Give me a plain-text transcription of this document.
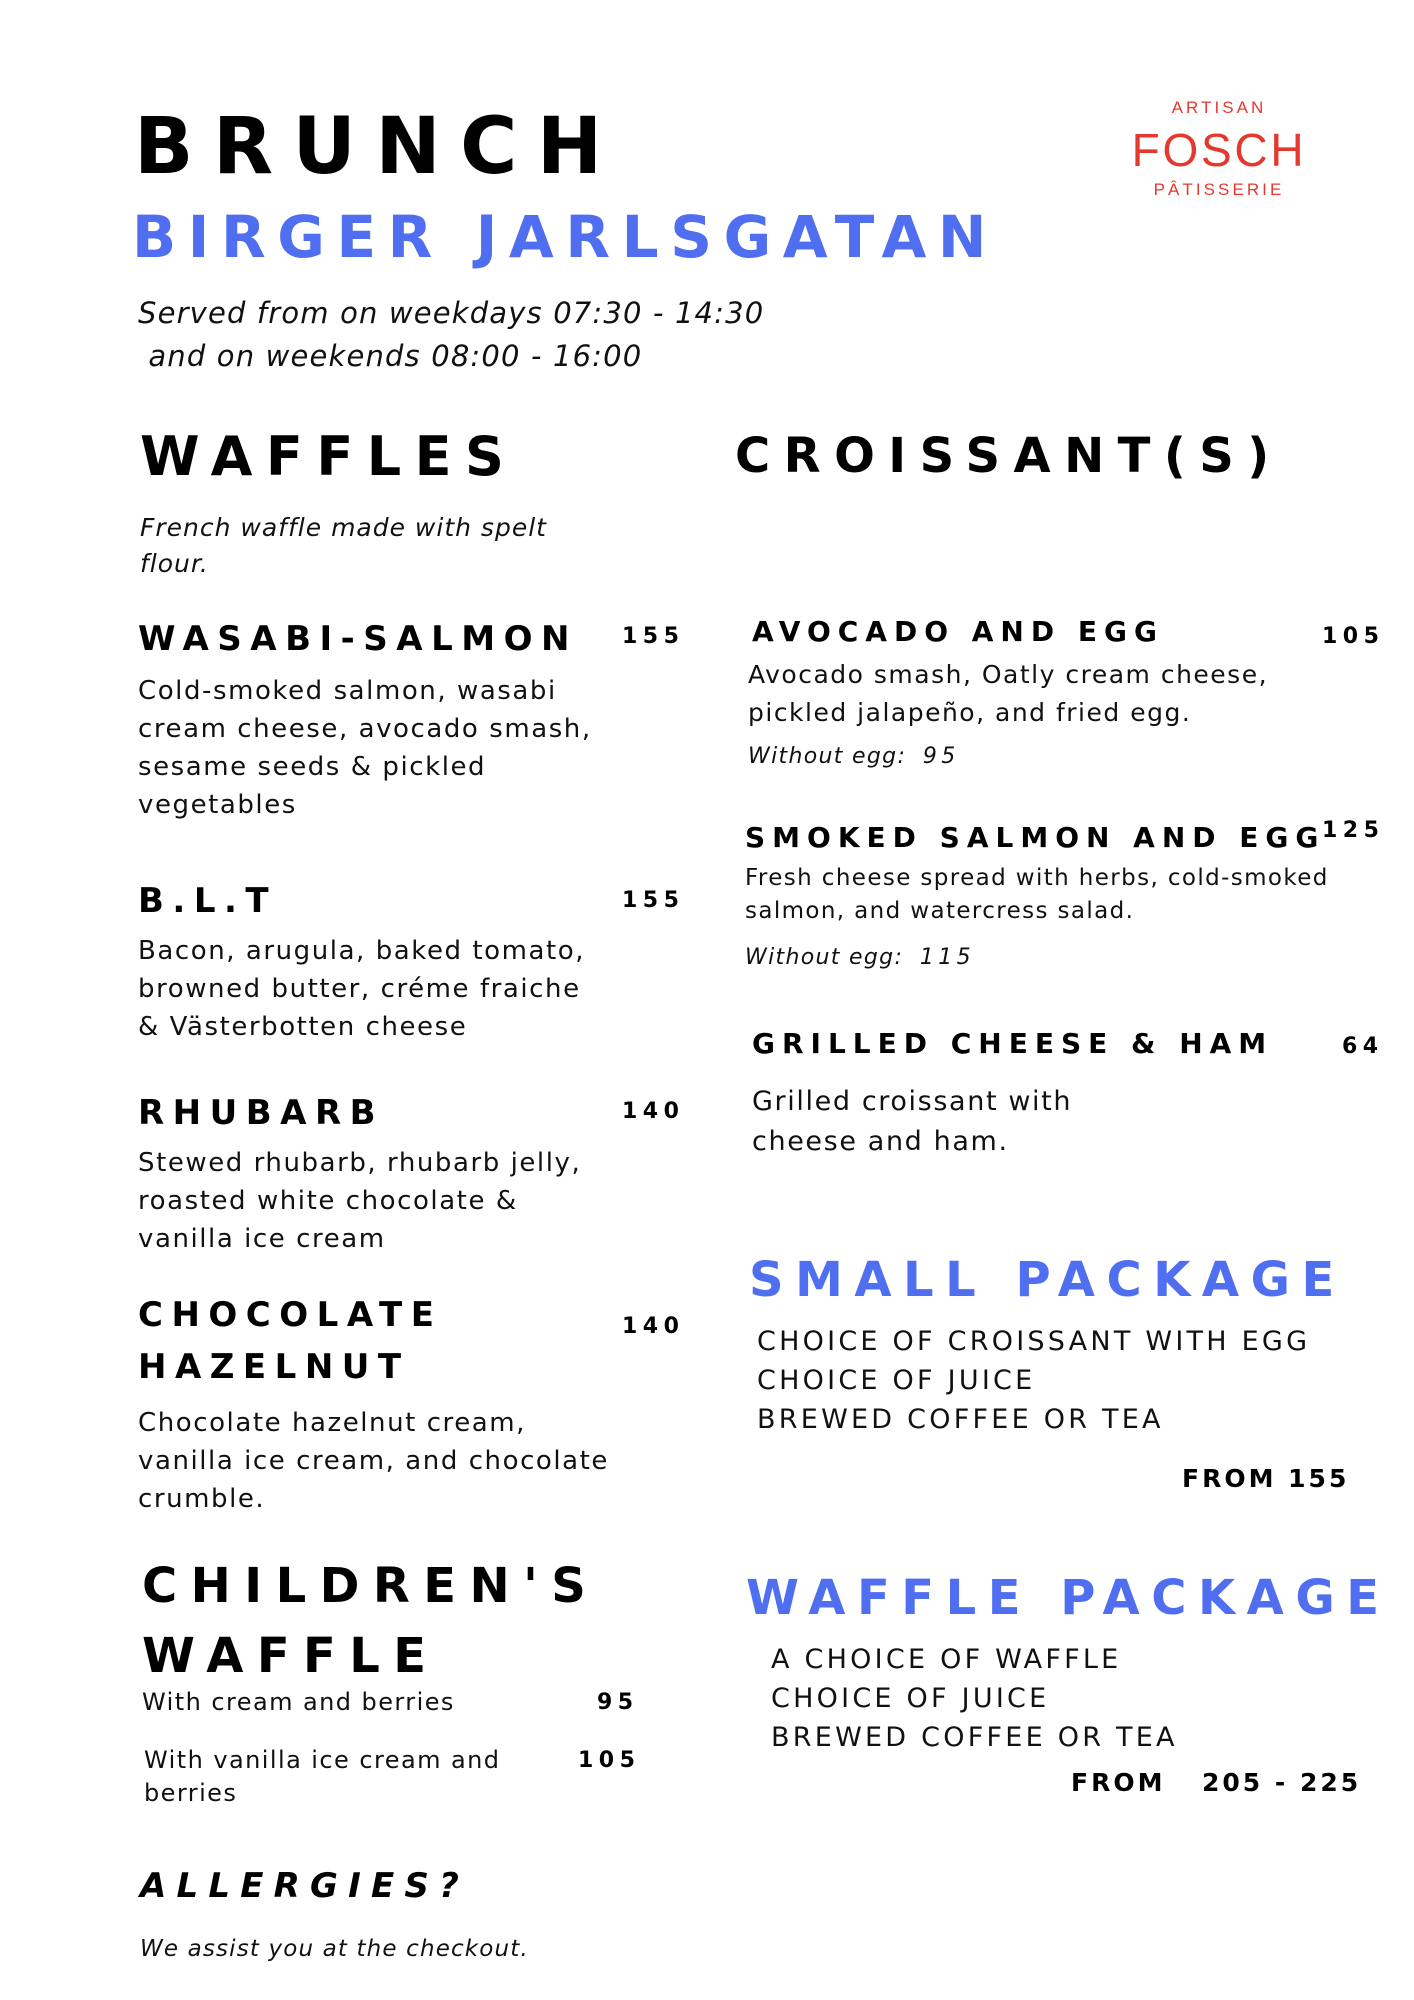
BRUNCH
BIRGER JARLSGATAN
Served from on weekdays 07:30 - 14:30
and on weekends 08:00 - 16:00
ARTISAN
FOSCH
PÂTISSERIE
WAFFLES
French waffle made with spelt flour.
WASABI-SALMON 155
Cold-smoked salmon, wasabi cream cheese, avocado smash, sesame seeds & pickled vegetables
B.L.T	155
Bacon, arugula, baked tomato, browned butter, créme fraiche & Västerbotten cheese
RHUBARB	140
Stewed rhubarb, rhubarb jelly, roasted white chocolate & vanilla ice cream
CHOCOLATE
HAZELNUT
140
Chocolate hazelnut cream, vanilla ice cream, and chocolate crumble.
CHILDREN'S
WAFFLE
With cream and berries	95
With vanilla ice cream and berries
105
ALLERGIES?
We assist you at the checkout.
CROISSANT(S)
AVOCADO AND EGG	105
Avocado smash, Oatly cream cheese, pickled jalapeño, and fried egg.
Without egg: 95
SMOKED SALMON AND EGG
125
Fresh cheese spread with herbs, cold-smoked salmon, and watercress salad.
Without egg: 115
GRILLED CHEESE & HAM	64
Grilled croissant with cheese and ham.
SMALL PACKAGE
CHOICE OF CROISSANT WITH EGG
CHOICE OF JUICE
BREWED COFFEE OR TEA
FROM 155
WAFFLE PACKAGE
A CHOICE OF WAFFLE
CHOICE OF JUICE
BREWED COFFEE OR TEA
FROM 205 - 225
